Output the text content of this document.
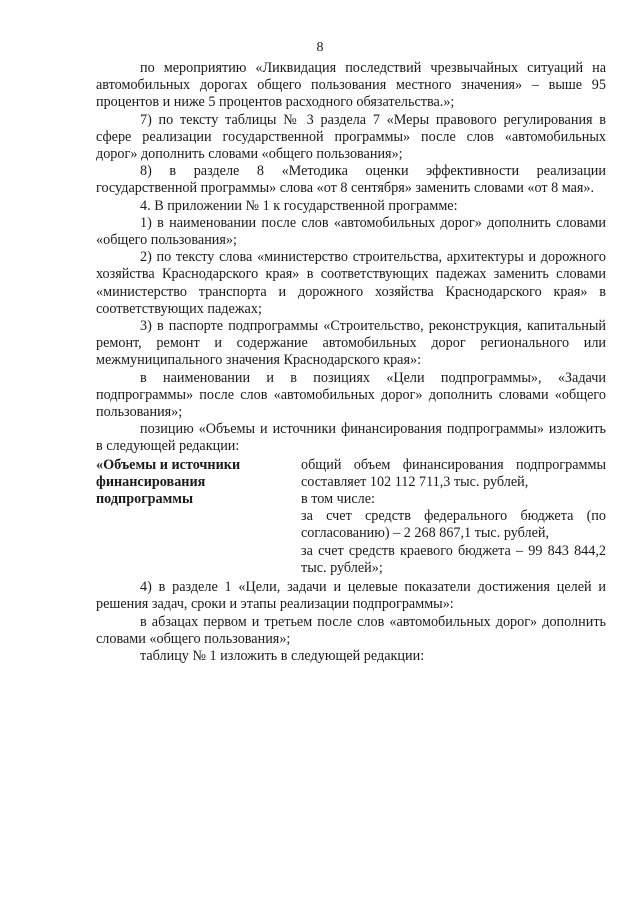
8

по мероприятию «Ликвидация последствий чрезвычайных ситуаций на автомобильных дорогах общего пользования местного значения» – выше 95 процентов и ниже 5 процентов расходного обязательства.»;

7) по тексту таблицы № 3 раздела 7 «Меры правового регулирования в сфере реализации государственной программы» после слов «автомобильных дорог» дополнить словами «общего пользования»;

8) в разделе 8 «Методика оценки эффективности реализации государственной программы» слова «от 8 сентября» заменить словами «от 8 мая».

4. В приложении № 1 к государственной программе:

1) в наименовании после слов «автомобильных дорог» дополнить словами «общего пользования»;

2) по тексту слова «министерство строительства, архитектуры и дорожного хозяйства Краснодарского края» в соответствующих падежах заменить словами «министерство транспорта и дорожного хозяйства Краснодарского края» в соответствующих падежах;

3) в паспорте подпрограммы «Строительство, реконструкция, капитальный ремонт, ремонт и содержание автомобильных дорог регионального или межмуниципального значения Краснодарского края»:

в наименовании и в позициях «Цели подпрограммы», «Задачи подпрограммы» после слов «автомобильных дорог» дополнить словами «общего пользования»;

позицию «Объемы и источники финансирования подпрограммы» изложить в следующей редакции:

«Объемы и источники финансирования подпрограммы
общий объем финансирования подпрограммы составляет 102 112 711,3 тыс. рублей,
в том числе:
за счет средств федерального бюджета (по согласованию) – 2 268 867,1 тыс. рублей,
за счет средств краевого бюджета – 99 843 844,2 тыс. рублей»;

4) в разделе 1 «Цели, задачи и целевые показатели достижения целей и решения задач, сроки и этапы реализации подпрограммы»:

в абзацах первом и третьем после слов «автомобильных дорог» дополнить словами «общего пользования»;

таблицу № 1 изложить в следующей редакции:
